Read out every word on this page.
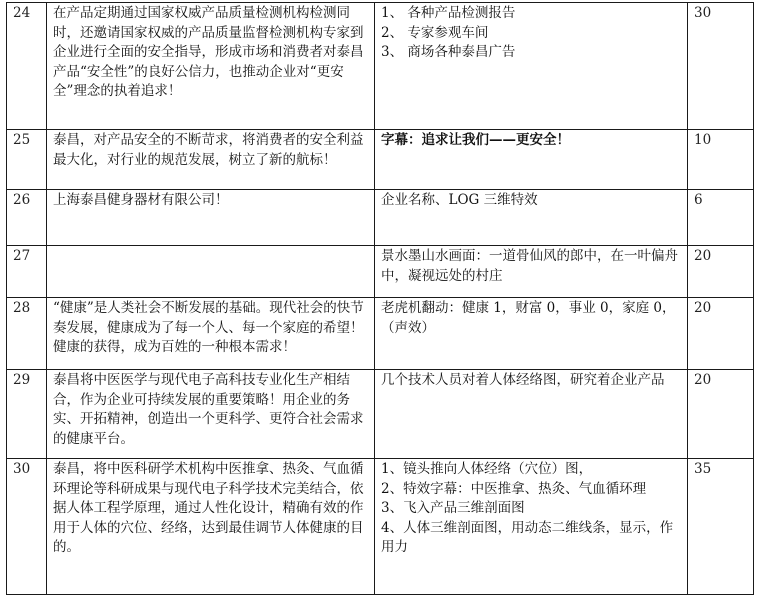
24	在产品定期通过国家权威产品质量检测机构检测同时，还邀请国家权威的产品质量监督检测机构专家到企业进行全面的安全指导，形成市场和消费者对泰昌产品“安全性”的良好公信力，也推动企业对“更安全”理念的执着追求！	1、 各种产品检测报告
2、 专家参观车间
3、 商场各种泰昌广告	30
25	泰昌，对产品安全的不断苛求，将消费者的安全利益最大化，对行业的规范发展，树立了新的航标！	字幕：追求让我们——更安全！	10
26	上海泰昌健身器材有限公司！	企业名称、LOG 三维特效	6
27		景水墨山水画面：一道骨仙风的郎中，在一叶偏舟中，凝视远处的村庄	20
28	“健康”是人类社会不断发展的基础。现代社会的快节奏发展，健康成为了每一个人、每一个家庭的希望！健康的获得，成为百姓的一种根本需求！	老虎机翻动：健康 1，财富 0，事业 0，家庭 0，（声效）	20
29	泰昌将中医医学与现代电子高科技专业化生产相结合，作为企业可持续发展的重要策略！用企业的务实、开拓精神，创造出一个更科学、更符合社会需求的健康平台。	几个技术人员对着人体经络图，研究着企业产品	20
30	泰昌，将中医科研学术机构中医推拿、热灸、气血循环理论等科研成果与现代电子科学技术完美结合，依据人体工程学原理，通过人性化设计，精确有效的作用于人体的穴位、经络，达到最佳调节人体健康的目的。	1、镜头推向人体经络（穴位）图，
2、特效字幕：中医推拿、热灸、气血循环理
3、飞入产品三维剖面图
4、人体三维剖面图，用动态二维线条，显示，作用力	35
